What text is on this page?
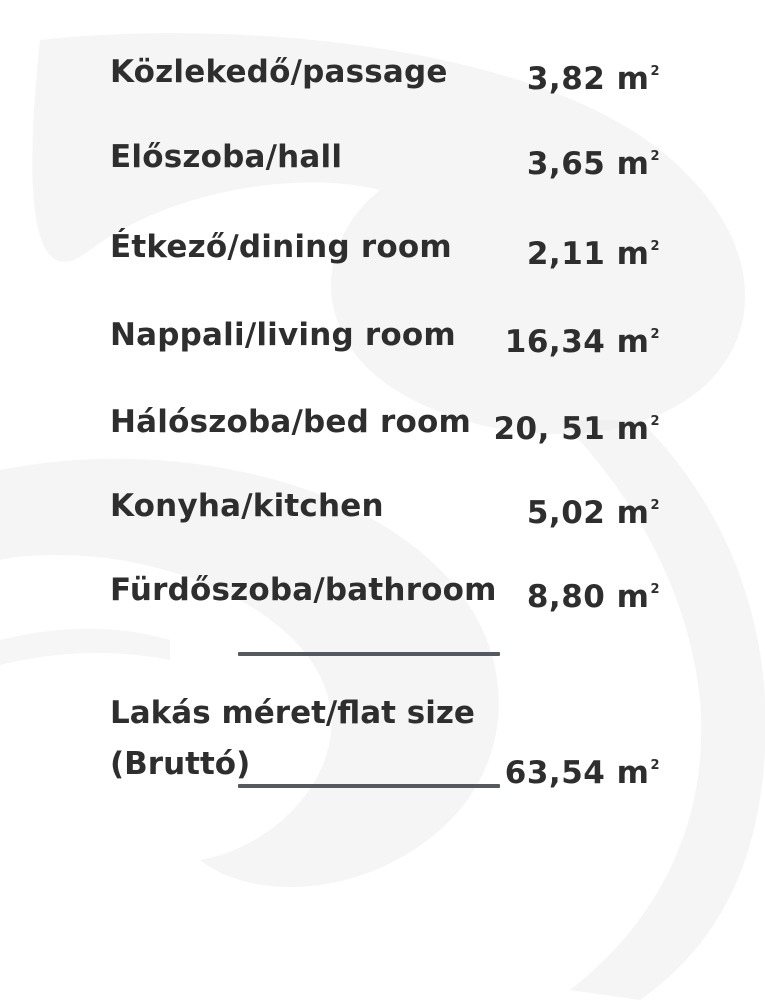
Közlekedő/passage	3,82 $m^2$
Előszoba/hall	3,65 $m^2$
Étkező/dining room 2,11 $m^2$
Nappali/living room 16,34 $m^2$
Hálószoba/bed room 20, 51 $m^2$
Konyha/kitchen	5,02 $m^2$
Fürdőszoba/bathroom 8,80 $m^2$
Lakás méret/flat size
(Bruttó)	63,54 $m^2$
